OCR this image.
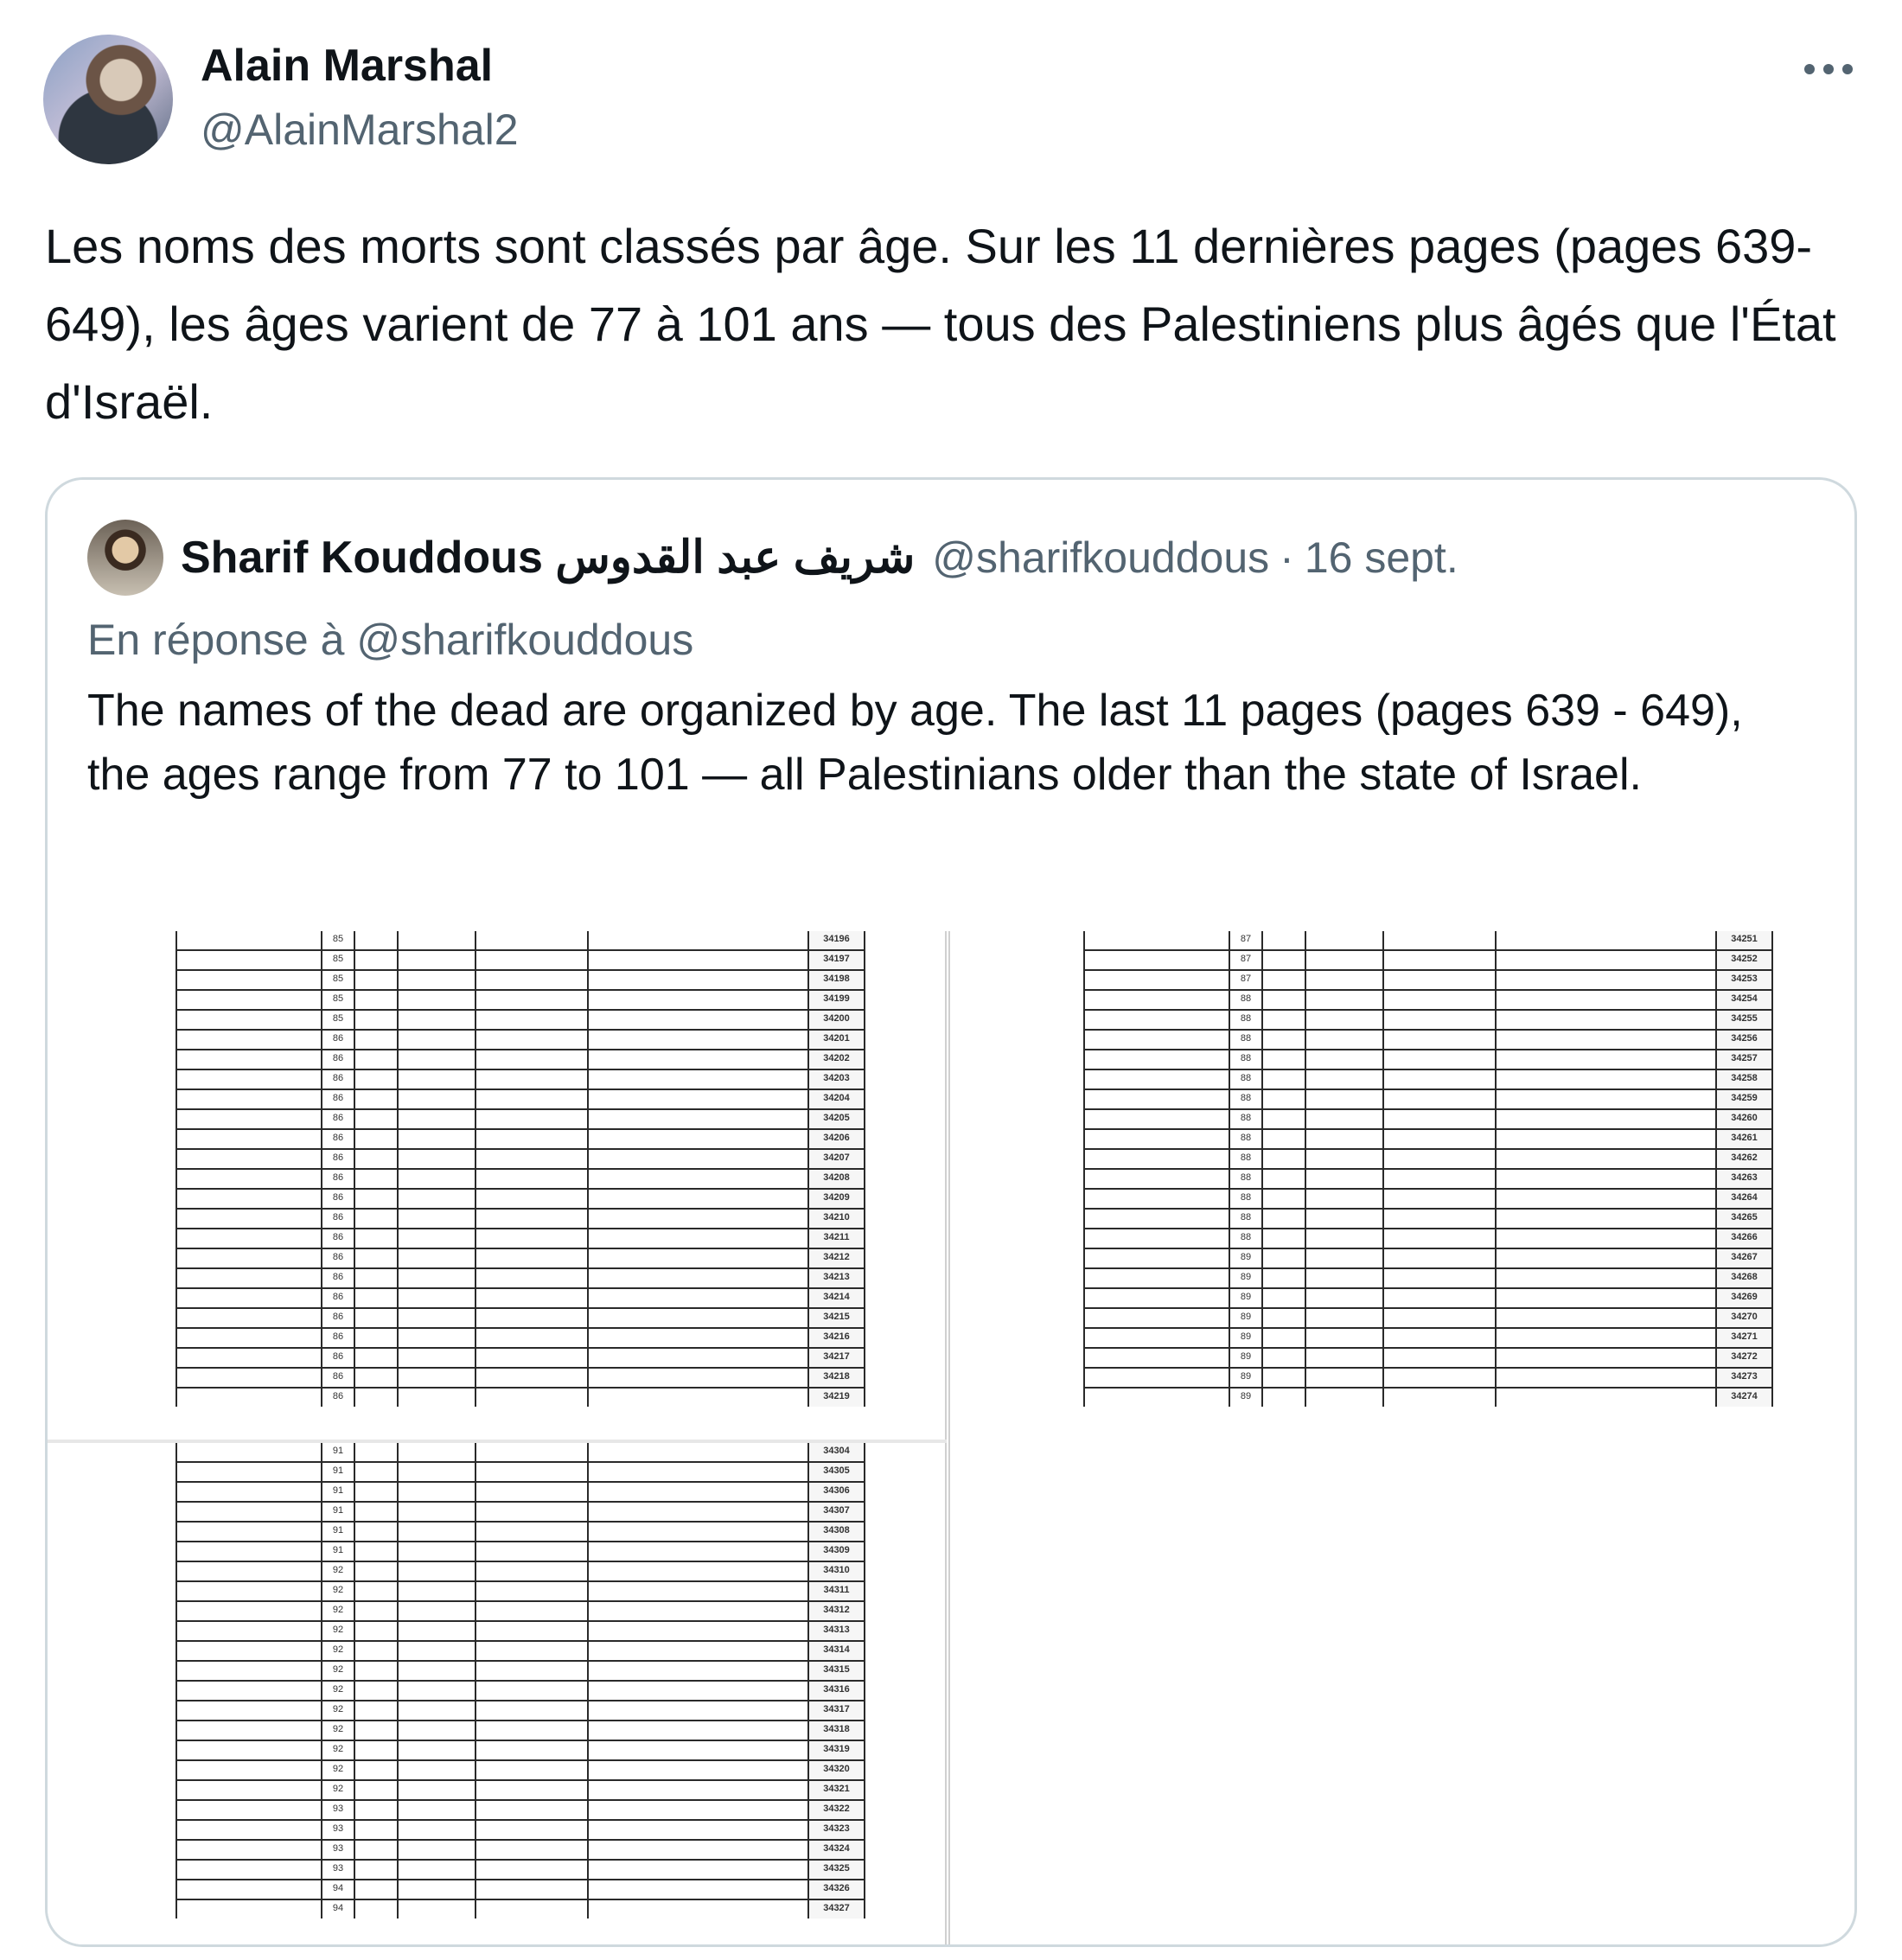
Alain Marshal
@AlainMarshal2
Les noms des morts sont classés par âge. Sur les 11 dernières pages (pages 639-649), les âges varient de 77 à 101 ans — tous des Palestiniens plus âgés que l'État d'Israël.
Sharif Kouddous شريف عبد القدوس @sharifkouddous · 16 sept.
En réponse à @sharifkouddous
The names of the dead are organized by age. The last 11 pages (pages 639 - 649), the ages range from 77 to 101 — all Palestinians older than the state of Israel.
85	34196
85	34197
85	34198
85	34199
85	34200
86	34201
86	34202
86	34203
86	34204
86	34205
86	34206
86	34207
86	34208
86	34209
86	34210
86	34211
86	34212
86	34213
86	34214
86	34215
86	34216
86	34217
86	34218
86	34219
87	34251
87	34252
87	34253
88	34254
88	34255
88	34256
88	34257
88	34258
88	34259
88	34260
88	34261
88	34262
88	34263
88	34264
88	34265
88	34266
89	34267
89	34268
89	34269
89	34270
89	34271
89	34272
89	34273
89	34274
91	34304
91	34305
91	34306
91	34307
91	34308
91	34309
92	34310
92	34311
92	34312
92	34313
92	34314
92	34315
92	34316
92	34317
92	34318
92	34319
92	34320
92	34321
93	34322
93	34323
93	34324
93	34325
94	34326
94	34327
